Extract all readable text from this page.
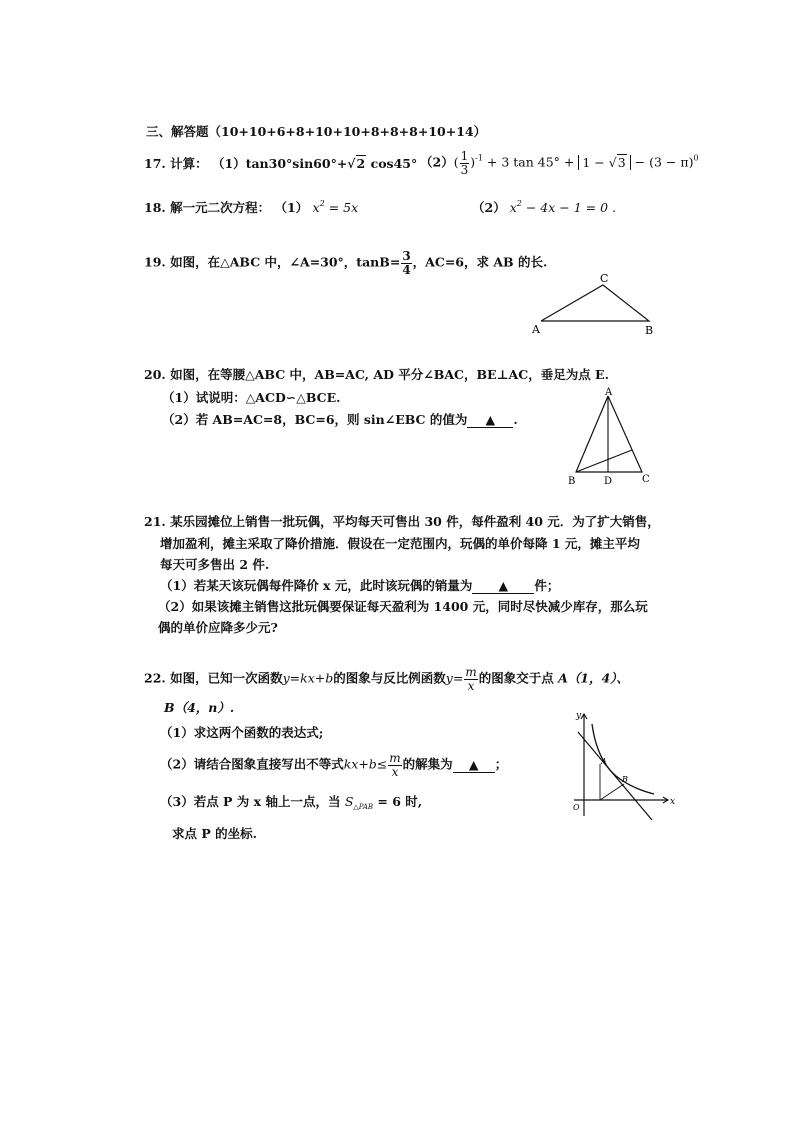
三、解答题（10+10+6+8+10+10+8+8+8+10+14）
17. 计算： （1）tan30°sin60°+√2 cos45° $(2)( \frac{1}{3} )^{-1} + 3$ $\tan 45^\circ + 1 - √3 - (3 - \pi)^0$
18. 解一元二次方程： （1） $x^2 = 5x$	（2） $x^2 - 4x - 1 = 0$ .
19. 如图，在△ABC 中，∠A=30°，$\tan B= \frac{3}{4}$ ，AC=6，求 AB 的长.
C
A	B
20. 如图，在等腰△ABC 中，AB=AC, AD 平分∠BAC，BE⊥AC，垂足为点 E.
（1）试说明：△ACD∽△BCE.
（2）若 AB=AC=8，BC=6，则 sin∠EBC 的值为 ▲ .
A
B	D	C
21. 某乐园摊位上销售一批玩偶，平均每天可售出 30 件，每件盈利 40 元．为了扩大销售，
增加盈利，摊主采取了降价措施．假设在一定范围内，玩偶的单价每降 1 元，摊主平均
每天可多售出 2 件.
（1）若某天该玩偶每件降价 x 元，此时该玩偶的销量为 ▲ 件；
（2）如果该摊主销售这批玩偶要保证每天盈利为 1400 元，同时尽快减少库存，那么玩
偶的单价应降多少元?
22. 如图，已知一次函数y=kx+b的图象与反比例函数$y= \frac{m}{x}$ 的图象交于点 A（1，4）、
B（4，n）.
（1）求这两个函数的表达式;
（2）请结合图象直接写出不等式$kx+b\le \frac{m}{x}$ 的解集为 ▲ ；
（3）若点 P 为 x 轴上一点，当 $S_{\triangle PAB} = 6$ 时,
求点 P 的坐标.
y
x
O
A
B
